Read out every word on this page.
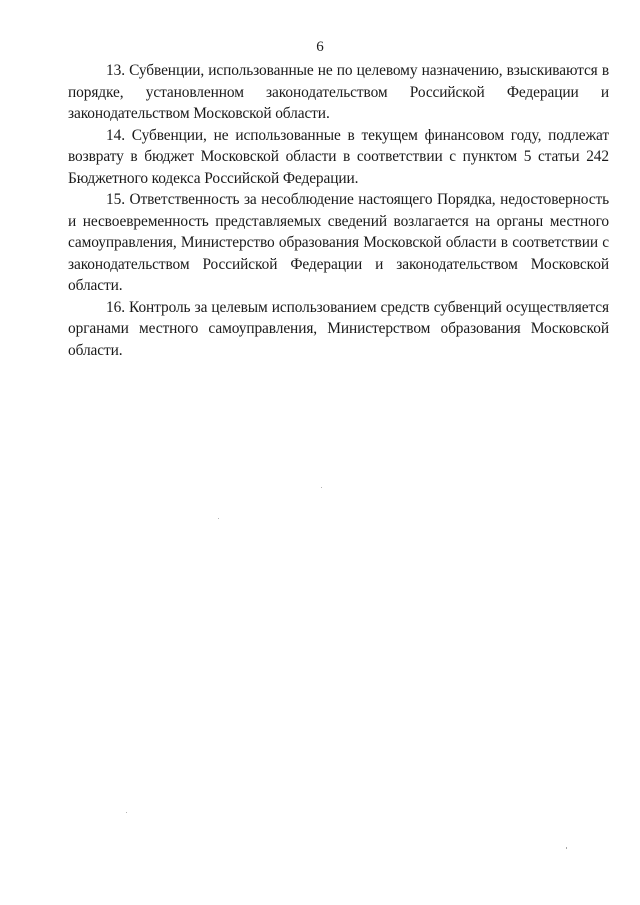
6

13. Субвенции, использованные не по целевому назначению, взыскиваются в порядке, установленном законодательством Российской Федерации и законодательством Московской области.

14. Субвенции, не использованные в текущем финансовом году, подлежат возврату в бюджет Московской области в соответствии с пунктом 5 статьи 242 Бюджетного кодекса Российской Федерации.

15. Ответственность за несоблюдение настоящего Порядка, недостоверность и несвоевременность представляемых сведений возлагается на органы местного самоуправления, Министерство образования Московской области в соответствии с законодательством Российской Федерации и законодательством Московской области.

16. Контроль за целевым использованием средств субвенций осуществляется органами местного самоуправления, Министерством образования Московской области.
